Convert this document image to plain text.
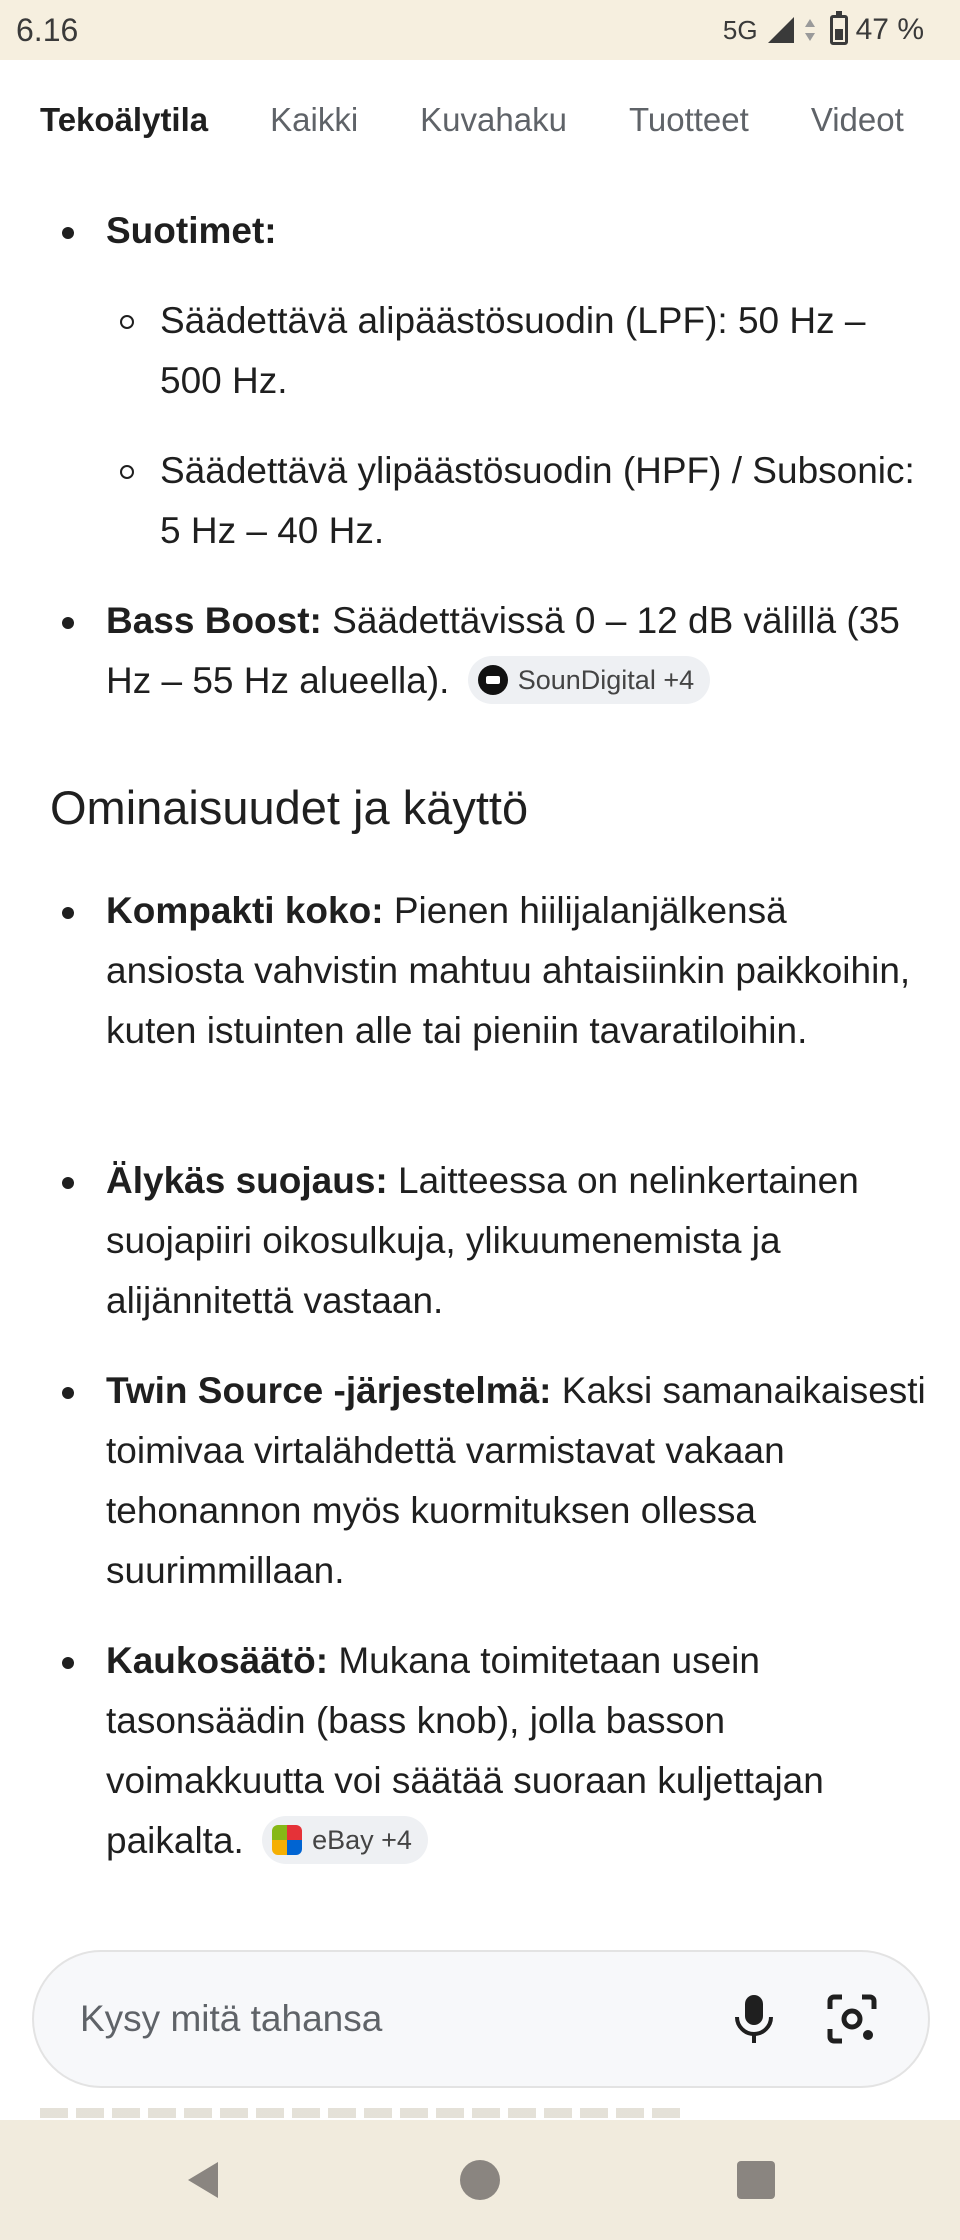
6.16	5G	47 %
Tekoälytila Kaikki Kuvahaku Tuotteet Videot
Suotimet:
Säädettävä alipäästösuodin (LPF): 50 Hz – 500 Hz.
Säädettävä ylipäästösuodin (HPF) / Subsonic: 5 Hz – 40 Hz.
Bass Boost: Säädettävissä 0 – 12 dB välillä (35 Hz – 55 Hz alueella).	SounDigital +4
Ominaisuudet ja käyttö
Kompakti koko: Pienen hiilijalanjälkensä ansiosta vahvistin mahtuu ahtaisiinkin paikkoihin, kuten istuinten alle tai pieniin tavaratiloihin.
Älykäs suojaus: Laitteessa on nelinkertainen suojapiiri oikosulkuja, ylikuumenemista ja alijännitettä vastaan.
Twin Source -järjestelmä: Kaksi samanaikaisesti toimivaa virtalähdettä varmistavat vakaan tehonannon myös kuormituksen ollessa suurimmillaan.
Kaukosäätö: Mukana toimitetaan usein tasonsäädin (bass knob), jolla basson voimakkuutta voi säätää suoraan kuljettajan paikalta.	eBay +4
Kysy mitä tahansa
